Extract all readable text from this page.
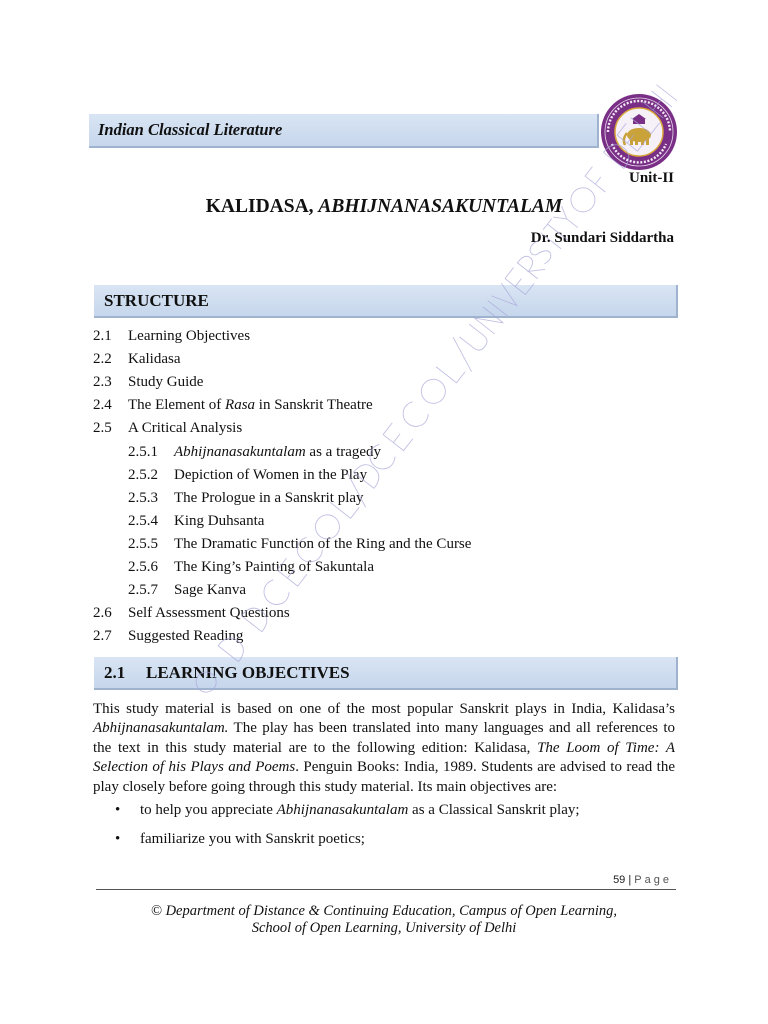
Indian Classical Literature
Unit-II
KALIDASA, ABHIJNANASAKUNTALAM
Dr. Sundari Siddartha
STRUCTURE
2.1 Learning Objectives
2.2 Kalidasa
2.3 Study Guide
2.4 The Element of Rasa in Sanskrit Theatre
2.5 A Critical Analysis
2.5.1 Abhijnanasakuntalam as a tragedy
2.5.2 Depiction of Women in the Play
2.5.3 The Prologue in a Sanskrit play
2.5.4 King Duhsanta
2.5.5 The Dramatic Function of the Ring and the Curse
2.5.6 The King’s Painting of Sakuntala
2.5.7 Sage Kanva
2.6 Self Assessment Questions
2.7 Suggested Reading
2.1 LEARNING OBJECTIVES

This study material is based on one of the most popular Sanskrit plays in India, Kalidasa’s Abhijnanasakuntalam. The play has been translated into many languages and all references to the text in this study material are to the following edition: Kalidasa, The Loom of Time: A Selection of his Plays and Poems. Penguin Books: India, 1989. Students are advised to read the play closely before going through this study material. Its main objectives are:

• to help you appreciate Abhijnanasakuntalam as a Classical Sanskrit play;
• familiarize you with Sanskrit poetics;
59 | Page
© Department of Distance & Continuing Education, Campus of Open Learning,
School of Open Learning, University of Delhi
